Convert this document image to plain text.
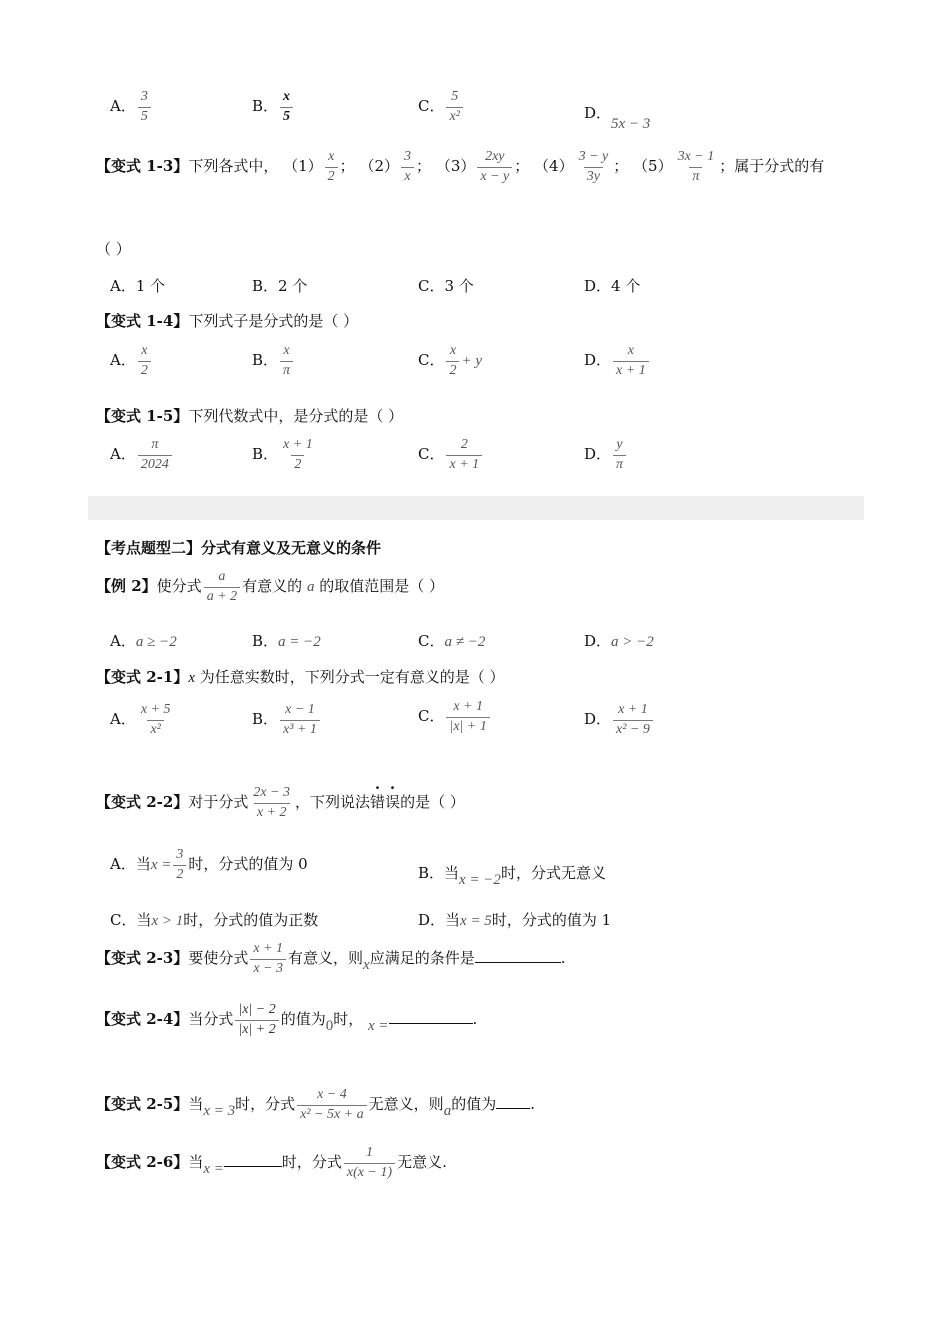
A． $\frac{3}{5}$	B． $\frac{x}{5}$	C． $\frac{5}{\text{x²}}$	D．5x − 3
【变式 1-3】下列各式中， $(1) \frac{x}{2}$ ； $(2) \frac{3}{x}$ ； $(3) \frac{2xy}{x - y}$ ； $(4) \frac{3 - y}{3y}$ ； $(5) \frac{3x - 1}{\pi}$ ；属于分式的有
（ ）
A．1 个	B．2 个	C．3 个	D．4 个
【变式 1-4】下列式子是分式的是（ ）
A． $\frac{x}{2}$	B． $\frac{x}{\pi}$	C． $\frac{x}{2} + y$	D． $\frac{x}{x + 1}$
【变式 1-5】下列代数式中，是分式的是（ ）
A． $\frac{\pi}{2024}$	B． $\frac{x + 1}{2}$	C． $\frac{2}{x + 1}$	D． $\frac{y}{\pi}$
【考点题型二】分式有意义及无意义的条件
【例 2】使分式 $\frac{a}{a + 2}$ 有意义的 a 的取值范围是（ ）
A．a ≥ −2	B．a = −2	C．a ≠ −2	D．a > −2
【变式 2-1】x 为任意实数时，下列分式一定有意义的是（ ）
A． $\frac{x + 5}{\text{x²}}$	B． $\frac{x - 1}{\text{x³ + 1}}$	C． $\frac{x + 1}{|x| + 1}$	D． $\frac{x + 1}{\text{x² − 9}}$
【变式 2-2】对于分式 $\frac{2x - 3}{x + 2}$ ，下列说法错误的是（ ）
A．当$x = \frac{3}{2}$ 时，分式的值为 0	B．当x = −2时，分式无意义
C．当x > 1时，分式的值为正数	D．当x = 5时，分式的值为 1
【变式 2-3】要使分式 $\frac{x + 1}{x - 3}$ 有意义，则x应满足的条件是	.
【变式 2-4】当分式 $\frac{|x| - 2}{|x| + 2}$ 的值为0时， x =	.
【变式 2-5】当x = 3时，分式 $\frac{x - 4}{\text{x² − 5x + a}}$ 无意义，则a的值为 .
【变式 2-6】当x =	时，分式 $\frac{1}{x(x - 1)}$ 无意义.
